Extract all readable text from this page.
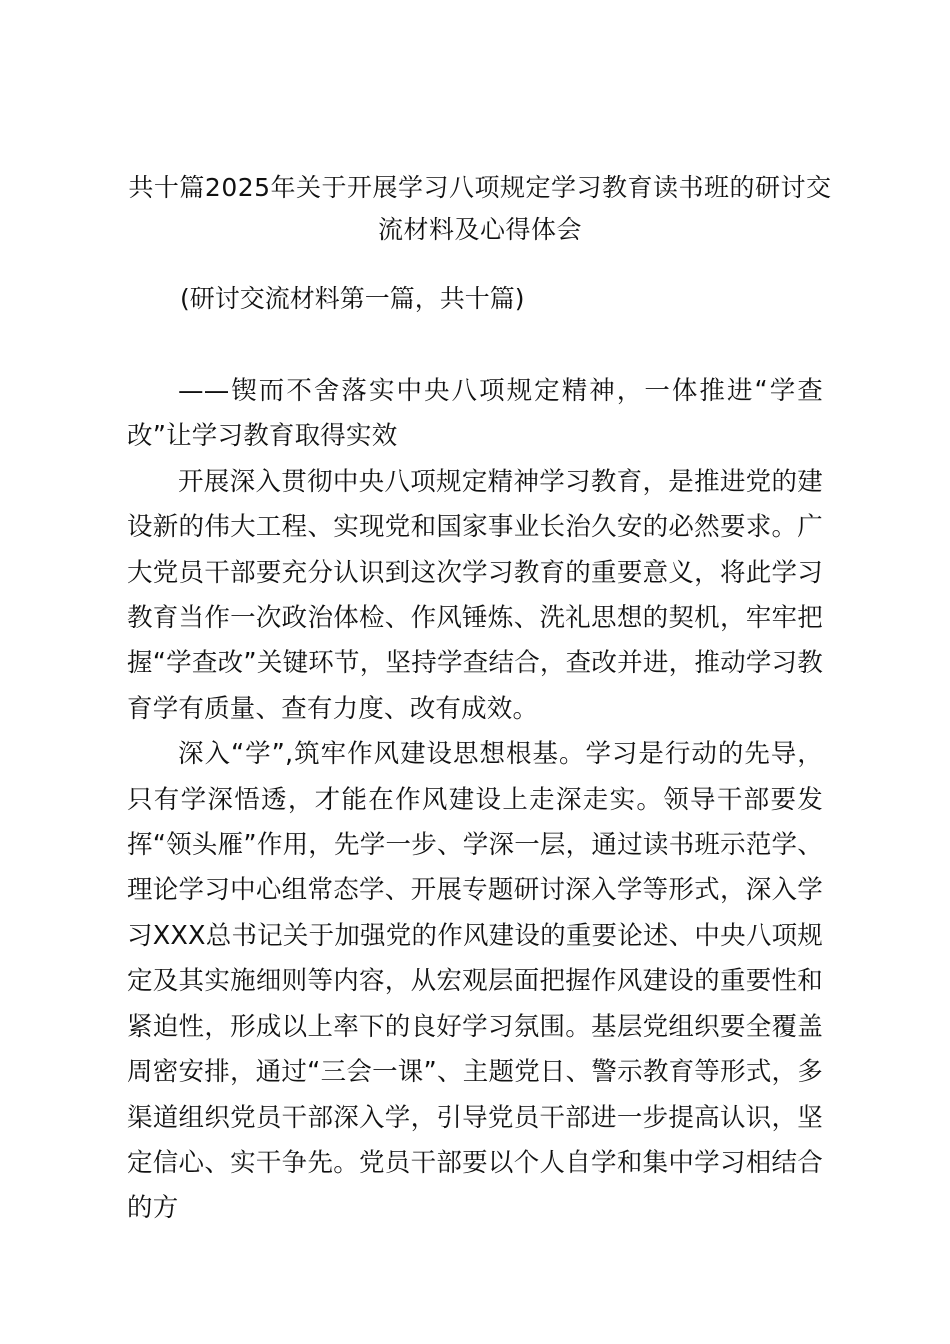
共十篇2025年关于开展学习八项规定学习教育读书班的研讨交流材料及心得体会
(研讨交流材料第一篇，共十篇)

——锲而不舍落实中央八项规定精神，一体推进“学查改”让学习教育取得实效

开展深入贯彻中央八项规定精神学习教育，是推进党的建设新的伟大工程、实现党和国家事业长治久安的必然要求。广大党员干部要充分认识到这次学习教育的重要意义，将此学习教育当作一次政治体检、作风锤炼、洗礼思想的契机，牢牢把握“学查改”关键环节，坚持学查结合，查改并进，推动学习教育学有质量、查有力度、改有成效。

深入“学”,筑牢作风建设思想根基。学习是行动的先导，只有学深悟透，才能在作风建设上走深走实。领导干部要发挥“领头雁”作用，先学一步、学深一层，通过读书班示范学、理论学习中心组常态学、开展专题研讨深入学等形式，深入学习XXX总书记关于加强党的作风建设的重要论述、中央八项规定及其实施细则等内容，从宏观层面把握作风建设的重要性和紧迫性，形成以上率下的良好学习氛围。基层党组织要全覆盖周密安排，通过“三会一课”、主题党日、警示教育等形式，多渠道组织党员干部深入学，引导党员干部进一步提高认识，坚定信心、实干争先。党员干部要以个人自学和集中学习相结合的方
